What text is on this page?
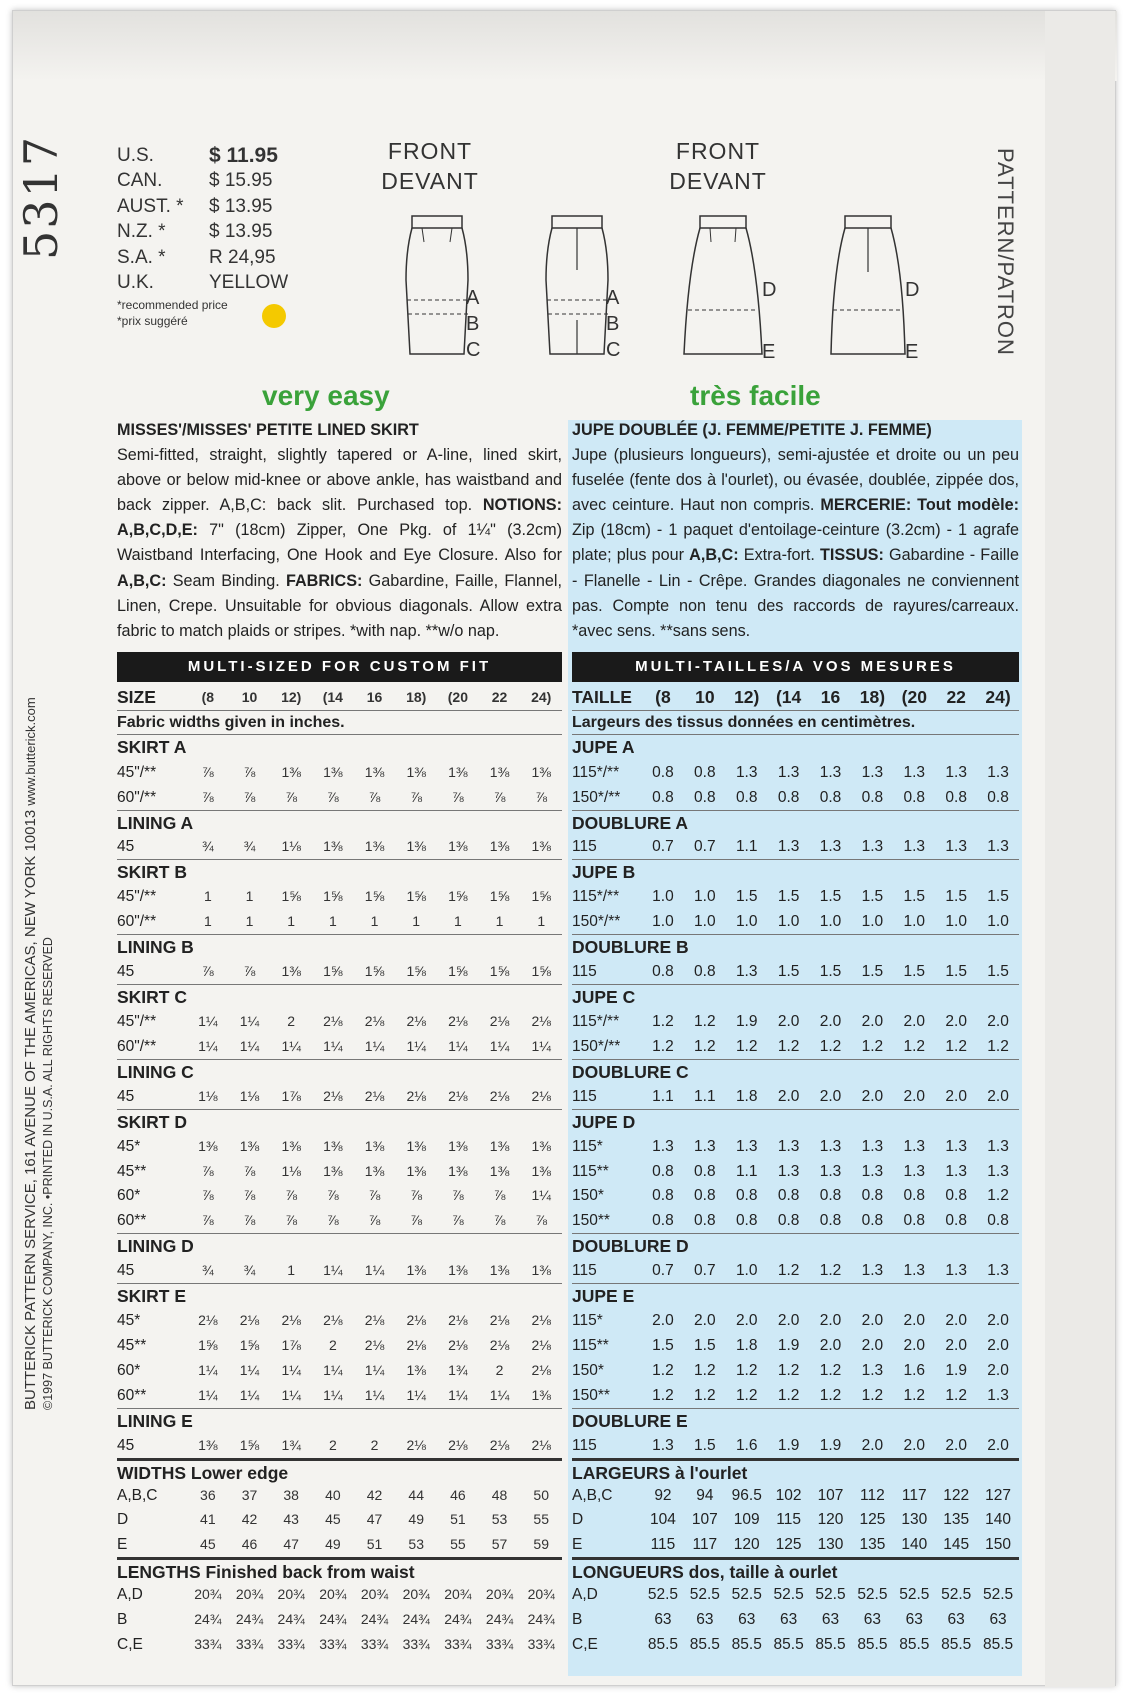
5317
BUTTERICK PATTERN SERVICE, 161 AVENUE OF THE AMERICAS, NEW YORK 10013 www.butterick.com
©1997 BUTTERICK COMPANY, INC. •PRINTED IN U.S.A. ALL RIGHTS RESERVED
PATTERN/PATRON
U.S.	$ 11.95
CAN.	$ 15.95
AUST. *	$ 13.95
N.Z. *	$ 13.95
S.A. *	R 24,95
U.K.	YELLOW
*recommended price
*prix suggéré
FRONT
DEVANT
FRONT
DEVANT
A
B
C
A
B
C
D
E
D
E
very easy	très facile
MISSES'/MISSES' PETITE LINED SKIRT

Semi-fitted, straight, slightly tapered or A-line, lined skirt, above or below mid-knee or above ankle, has waistband and back zipper. A,B,C: back slit. Purchased top. NOTIONS: A,B,C,D,E: 7" (18cm) Zipper, One Pkg. of 1¼" (3.2cm) Waistband Interfacing, One Hook and Eye Closure. Also for A,B,C: Seam Binding. FABRICS: Gabardine, Faille, Flannel, Linen, Crepe. Unsuitable for obvious diagonals. Allow extra fabric to match plaids or stripes. *with nap. **w/o nap.

MULTI-SIZED FOR CUSTOM FIT
SIZE	(8	10	12)	(14	16	18)	(20	22	24)
Fabric widths given in inches.
SKIRT A
45"/**	⅞	⅞	1⅜	1⅜	1⅜	1⅜	1⅜	1⅜	1⅜
60"/**	⅞	⅞	⅞	⅞	⅞	⅞	⅞	⅞	⅞
LINING A
45	¾	¾	1⅛	1⅜	1⅜	1⅜	1⅜	1⅜	1⅜
SKIRT B
45"/**	1	1	1⅝	1⅝	1⅝	1⅝	1⅝	1⅝	1⅝
60"/**	1	1	1	1	1	1	1	1	1
LINING B
45	⅞	⅞	1⅜	1⅝	1⅝	1⅝	1⅝	1⅝	1⅝
SKIRT C
45"/**	1¼	1¼	2	2⅛	2⅛	2⅛	2⅛	2⅛	2⅛
60"/**	1¼	1¼	1¼	1¼	1¼	1¼	1¼	1¼	1¼
LINING C
45	1⅛	1⅛	1⅞	2⅛	2⅛	2⅛	2⅛	2⅛	2⅛
SKIRT D
45*	1⅜	1⅜	1⅜	1⅜	1⅜	1⅜	1⅜	1⅜	1⅜
45**	⅞	⅞	1⅛	1⅜	1⅜	1⅜	1⅜	1⅜	1⅜
60*	⅞	⅞	⅞	⅞	⅞	⅞	⅞	⅞	1¼
60**	⅞	⅞	⅞	⅞	⅞	⅞	⅞	⅞	⅞
LINING D
45	¾	¾	1	1¼	1¼	1⅜	1⅜	1⅜	1⅜
SKIRT E
45*	2⅛	2⅛	2⅛	2⅛	2⅛	2⅛	2⅛	2⅛	2⅛
45**	1⅝	1⅝	1⅞	2	2⅛	2⅛	2⅛	2⅛	2⅛
60*	1¼	1¼	1¼	1¼	1¼	1⅜	1¾	2	2⅛
60**	1¼	1¼	1¼	1¼	1¼	1¼	1¼	1¼	1⅜
LINING E
45	1⅜	1⅝	1¾	2	2	2⅛	2⅛	2⅛	2⅛
WIDTHS Lower edge
A,B,C	36	37	38	40	42	44	46	48	50
D	41	42	43	45	47	49	51	53	55
E	45	46	47	49	51	53	55	57	59
LENGTHS Finished back from waist
A,D	20¾	20¾	20¾	20¾	20¾	20¾	20¾	20¾	20¾
B	24¾	24¾	24¾	24¾	24¾	24¾	24¾	24¾	24¾
C,E	33¾	33¾	33¾	33¾	33¾	33¾	33¾	33¾	33¾
JUPE DOUBLÉE (J. FEMME/PETITE J. FEMME)

Jupe (plusieurs longueurs), semi-ajustée et droite ou un peu fuselée (fente dos à l'ourlet), ou évasée, doublée, zippée dos, avec ceinture. Haut non compris. MERCERIE: Tout modèle: Zip (18cm) - 1 paquet d'entoilage-ceinture (3.2cm) - 1 agrafe plate; plus pour A,B,C: Extra-fort. TISSUS: Gabardine - Faille - Flanelle - Lin - Crêpe. Grandes diagonales ne conviennent pas. Compte non tenu des raccords de rayures/carreaux. *avec sens. **sans sens.

MULTI-TAILLES/A VOS MESURES
TAILLE	(8	10	12) (14	16	18) (20	22	24)
Largeurs des tissus données en centimètres.
JUPE A
115*/**	0.8	0.8	1.3	1.3	1.3	1.3	1.3	1.3	1.3
150*/**	0.8	0.8	0.8	0.8	0.8	0.8	0.8	0.8	0.8
DOUBLURE A
115	0.7	0.7	1.1	1.3	1.3	1.3	1.3	1.3	1.3
JUPE B
115*/**	1.0	1.0	1.5	1.5	1.5	1.5	1.5	1.5	1.5
150*/**	1.0	1.0	1.0	1.0	1.0	1.0	1.0	1.0	1.0
DOUBLURE B
115	0.8	0.8	1.3	1.5	1.5	1.5	1.5	1.5	1.5
JUPE C
115*/**	1.2	1.2	1.9	2.0	2.0	2.0	2.0	2.0	2.0
150*/**	1.2	1.2	1.2	1.2	1.2	1.2	1.2	1.2	1.2
DOUBLURE C
115	1.1	1.1	1.8	2.0	2.0	2.0	2.0	2.0	2.0
JUPE D
115*	1.3	1.3	1.3	1.3	1.3	1.3	1.3	1.3	1.3
115**	0.8	0.8	1.1	1.3	1.3	1.3	1.3	1.3	1.3
150*	0.8	0.8	0.8	0.8	0.8	0.8	0.8	0.8	1.2
150**	0.8	0.8	0.8	0.8	0.8	0.8	0.8	0.8	0.8
DOUBLURE D
115	0.7	0.7	1.0	1.2	1.2	1.3	1.3	1.3	1.3
JUPE E
115*	2.0	2.0	2.0	2.0	2.0	2.0	2.0	2.0	2.0
115**	1.5	1.5	1.8	1.9	2.0	2.0	2.0	2.0	2.0
150*	1.2	1.2	1.2	1.2	1.2	1.3	1.6	1.9	2.0
150**	1.2	1.2	1.2	1.2	1.2	1.2	1.2	1.2	1.3
DOUBLURE E
115	1.3	1.5	1.6	1.9	1.9	2.0	2.0	2.0	2.0
LARGEURS à l'ourlet
A,B,C	92	94	96.5 102	107	112	117	122	127
D	104	107	109	115	120	125	130	135	140
E	115	117	120	125	130	135	140	145	150
LONGUEURS dos, taille à ourlet
A,D	52.5 52.5 52.5 52.5 52.5 52.5 52.5 52.5 52.5
B	63	63	63	63	63	63	63	63	63
C,E	85.5 85.5 85.5 85.5 85.5 85.5 85.5 85.5 85.5
